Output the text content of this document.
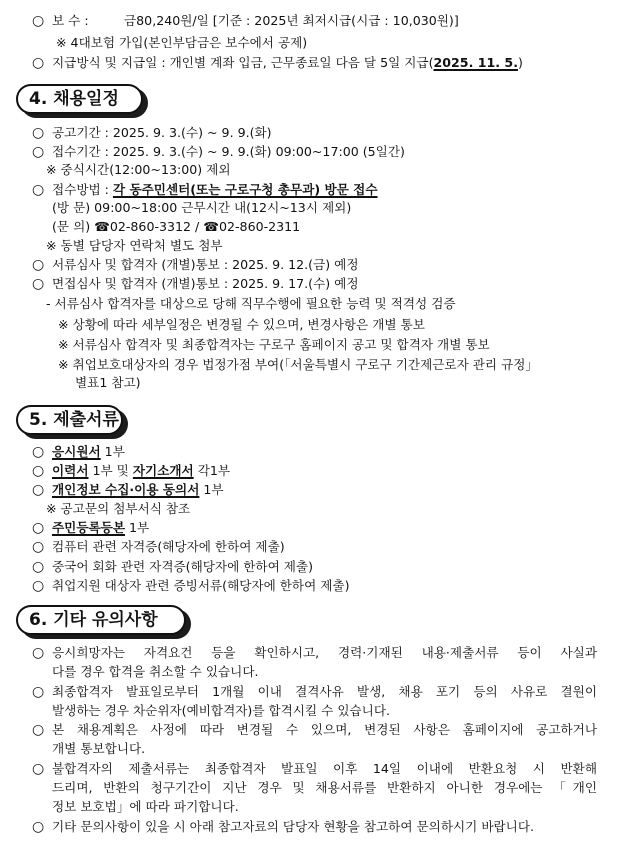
○ 보 수 :	금80,240원/일 [기준 : 2025년 최저시급(시급 : 10,030원)]
※ 4대보험 가입(본인부담금은 보수에서 공제)
○ 지급방식 및 지급일 : 개인별 계좌 입금, 근무종료일 다음 달 5일 지급(2025. 11. 5.)
4. 채용일정
○ 공고기간 : 2025. 9. 3.(수) ~ 9. 9.(화)
○ 접수기간 : 2025. 9. 3.(수) ~ 9. 9.(화) 09:00~17:00 (5일간)
※ 중식시간(12:00~13:00) 제외
○ 접수방법 : 각 동주민센터(또는 구로구청 총무과) 방문 접수
(방 문) 09:00~18:00 근무시간 내(12시~13시 제외)
(문 의) ☎02-860-3312 / ☎02-860-2311
※ 동별 담당자 연락처 별도 첨부
○ 서류심사 및 합격자 (개별)통보 : 2025. 9. 12.(금) 예정
○ 면접심사 및 합격자 (개별)통보 : 2025. 9. 17.(수) 예정
- 서류심사 합격자를 대상으로 당해 직무수행에 필요한 능력 및 적격성 검증
※ 상황에 따라 세부일정은 변경될 수 있으며, 변경사항은 개별 통보
※ 서류심사 합격자 및 최종합격자는 구로구 홈페이지 공고 및 합격자 개별 통보
※ 취업보호대상자의 경우 법정가점 부여(「서울특별시 구로구 기간제근로자 관리 규정」
별표1 참고)
5. 제출서류
○ 응시원서 1부
○ 이력서 1부 및 자기소개서 각1부
○ 개인정보 수집·이용 동의서 1부
※ 공고문의 첨부서식 참조
○ 주민등록등본 1부
○ 컴퓨터 관련 자격증(해당자에 한하여 제출)
○ 중국어 회화 관련 자격증(해당자에 한하여 제출)
○ 취업지원 대상자 관련 증빙서류(해당자에 한하여 제출)
6. 기타 유의사항
○ 응시희망자는 자격요건 등을 확인하시고, 경력·기재된 내용·제출서류 등이 사실과
다를 경우 합격을 취소할 수 있습니다.
○ 최종합격자 발표일로부터 1개월 이내 결격사유 발생, 채용 포기 등의 사유로 결원이
발생하는 경우 차순위자(예비합격자)를 합격시킬 수 있습니다.
○ 본 채용계획은 사정에 따라 변경될 수 있으며, 변경된 사항은 홈페이지에 공고하거나
개별 통보합니다.
○ 불합격자의 제출서류는 최종합격자 발표일 이후 14일 이내에 반환요청 시 반환해
드리며, 반환의 청구기간이 지난 경우 및 채용서류를 반환하지 아니한 경우에는 「개인
정보 보호법」에 따라 파기합니다.
○ 기타 문의사항이 있을 시 아래 참고자료의 담당자 현황을 참고하여 문의하시기 바랍니다.
